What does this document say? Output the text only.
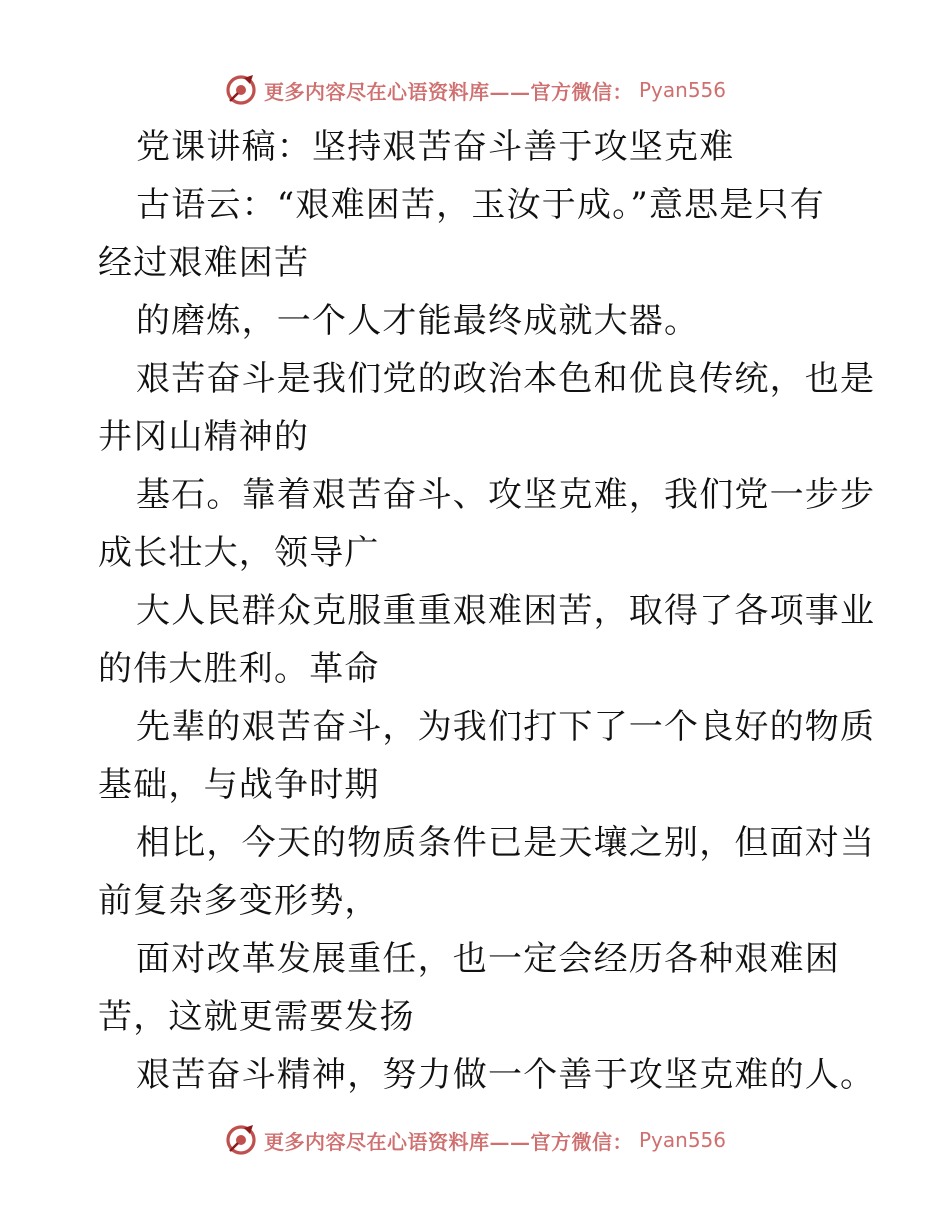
更多内容尽在心语资料库——官方微信： Pyan556
党课讲稿：坚持艰苦奋斗善于攻坚克难
古语云：“艰难困苦，玉汝于成。”意思是只有
经过艰难困苦
的磨炼，一个人才能最终成就大器。
艰苦奋斗是我们党的政治本色和优良传统，也是
井冈山精神的
基石。靠着艰苦奋斗、攻坚克难，我们党一步步
成长壮大，领导广
大人民群众克服重重艰难困苦，取得了各项事业
的伟大胜利。革命
先辈的艰苦奋斗，为我们打下了一个良好的物质
基础，与战争时期
相比，今天的物质条件已是天壤之别，但面对当
前复杂多变形势，
面对改革发展重任，也一定会经历各种艰难困
苦，这就更需要发扬
艰苦奋斗精神，努力做一个善于攻坚克难的人。
更多内容尽在心语资料库——官方微信： Pyan556
